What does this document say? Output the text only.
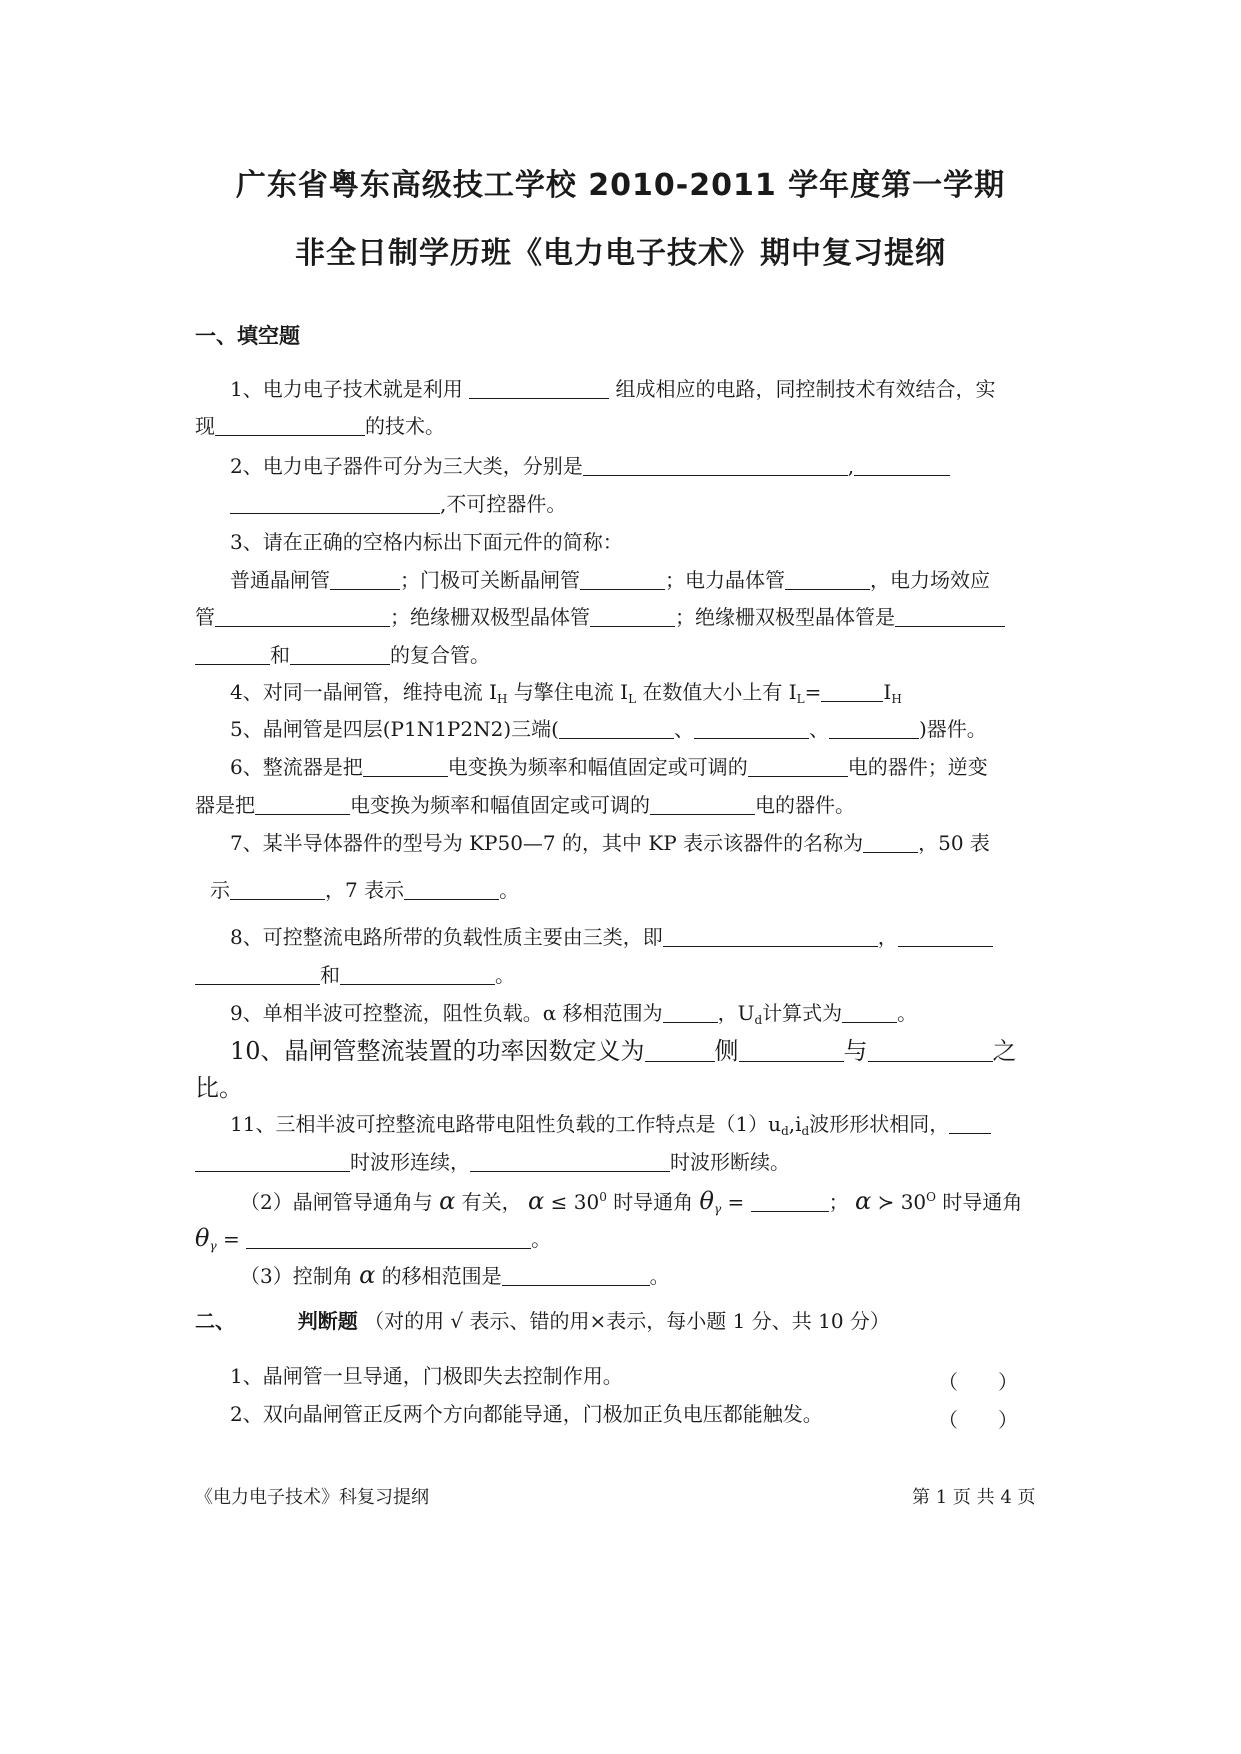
广东省粤东高级技工学校 2010-2011 学年度第一学期
非全日制学历班《电力电子技术》期中复习提纲
一、填空题
1、电力电子技术就是利用	组成相应的电路，同控制技术有效结合，实
现	的技术。
2、电力电子器件可分为三大类，分别是	,
,不可控器件。
3、请在正确的空格内标出下面元件的简称：
普通晶闸管	；门极可关断晶闸管	；电力晶体管	，电力场效应
管	；绝缘栅双极型晶体管	；绝缘栅双极型晶体管是
和	的复合管。
4、对同一晶闸管，维持电流 $I_H$ 与擎住电流 $I_L$ 在数值大小上有 $I_L=$	$I_H$
5、晶闸管是四层(P1N1P2N2)三端(	、	、	)器件。
6、整流器是把	电变换为频率和幅值固定或可调的	电的器件；逆变
器是把	电变换为频率和幅值固定或可调的	电的器件。
7、某半导体器件的型号为 KP50—7 的，其中 KP 表示该器件的名称为	，50 表
示	，7 表示	。
8、可控整流电路所带的负载性质主要由三类，即	，
和	。
9、单相半波可控整流，阻性负载。α 移相范围为	，$U_d$计算式为	。
10、晶闸管整流装置的功率因数定义为	侧	与	之
比。
11、三相半波可控整流电路带电阻性负载的工作特点是$(1)u_d,i_d$波形形状相同，
时波形连续，	时波形断续。
（2）晶闸管导通角与 α 有关， $\alpha \le 30^0$ 时导通角 $\theta_\gamma$ =	； α ≻ $30^O$ 时导通角
$\theta_\gamma$ =	。
（3）控制角 α 的移相范围是	。
二、	判断题 （对的用 √ 表示、错的用×表示，每小题 1 分、共 10 分）
1、晶闸管一旦导通，门极即失去控制作用。	（　　）
2、双向晶闸管正反两个方向都能导通，门极加正负电压都能触发。	（　　）
《电力电子技术》科复习提纲	第 1 页 共 4 页
